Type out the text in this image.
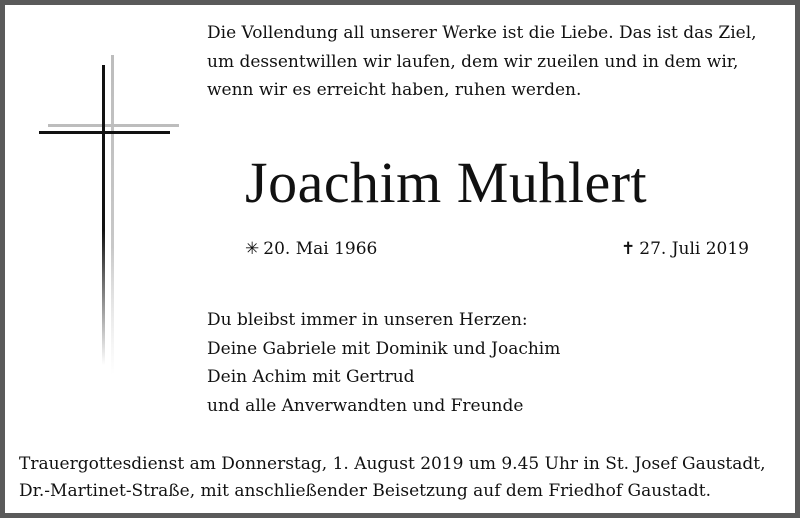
Die Vollendung all unserer Werke ist die Liebe. Das ist das Ziel,
um dessentwillen wir laufen, dem wir zueilen und in dem wir,
wenn wir es erreicht haben, ruhen werden.
Joachim Muhlert
✳ 20. Mai 1966	✝ 27. Juli 2019
Du bleibst immer in unseren Herzen:
Deine Gabriele mit Dominik und Joachim
Dein Achim mit Gertrud
und alle Anverwandten und Freunde
Trauergottesdienst am Donnerstag, 1. August 2019 um 9.45 Uhr in St. Josef Gaustadt,
Dr.-Martinet-Straße, mit anschließender Beisetzung auf dem Friedhof Gaustadt.
